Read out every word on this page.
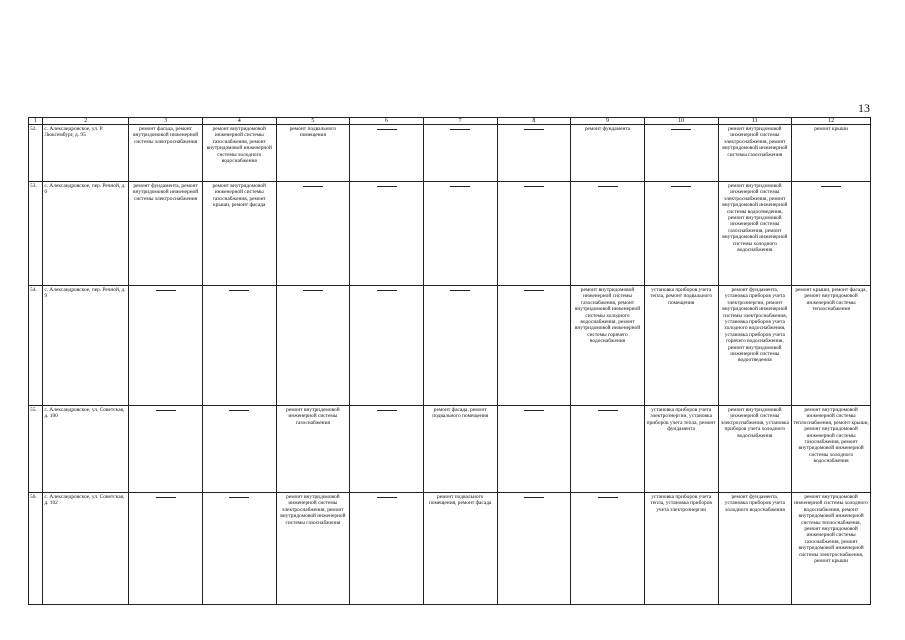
13
1	2	3	4	5	6	7	8	9	10	11	12
52.	с. Александровское, ул. Р. Люксембург, д. 95	ремонт фасада, ремонт внутридомовой инженерной системы электроснабжения	ремонт внутридомовой инженерной системы газоснабжения, ремонт внутридомовой инженерной системы холодного водоснабжения	ремонт подвального помещения				ремонт фундамента		ремонт внутридомовой инженерной системы электроснабжения, ремонт внутридомовой инженерной системы газоснабжения	ремонт крыши
53.	с. Александровское, пер. Речной, д. 6	ремонт фундамента, ремонт внутридомовой инженерной системы электроснабжения	ремонт внутридомовой инженерной системы газоснабжения, ремонт крыши, ремонт фасада							ремонт внутридомовой инженерной системы электроснабжения, ремонт внутридомовой инженерной системы водоотведения, ремонт внутридомовой инженерной системы газоснабжения, ремонт внутридомовой инженерной системы холодного водоснабжения	

54.	с. Александровское, пер. Речной, д. 9							ремонт внутридомовой инженерной системы газоснабжения, ремонт внутридомовой инженерной системы холодного водоснабжения, ремонт внутридомовой инженерной системы горячего водоснабжения	установка приборов учета тепла, ремонт подвального помещения	ремонт фундамента, установка приборов учета электроэнергии, ремонт внутридомовой инженерной системы электроснабжения, установка приборов учета холодного водоснабжения, установка приборов учета горячего водоснабжения, ремонт внутридомовой инженерной системы водоотведения	ремонт крыши, ремонт фасада, ремонт внутридомовой инженерной системы теплоснабжения
55.	с. Александровское, ул. Советская, д. 100			ремонт внутридомовой инженерной системы газоснабжения		ремонт фасада, ремонт подвального помещения			установка приборов учета электроэнергии, установка приборов учета тепла, ремонт фундамента	ремонт внутридомовой инженерной системы электроснабжения, установка приборов учета холодного водоснабжения	ремонт внутридомовой инженерной системы теплоснабжения, ремонт крыши, ремонт внутридомовой инженерной системы газоснабжения, ремонт внутридомовой инженерной системы холодного водоснабжения
56.	с. Александровское, ул. Советская, д. 102			ремонт внутридомовой инженерной системы электроснабжения, ремонт внутридомовой инженерной системы газоснабжения		ремонт подвального помещения, ремонт фасада			установка приборов учета тепла, установка приборов учета электроэнергии	ремонт фундамента, установка приборов учета холодного водоснабжения	ремонт внутридомовой инженерной системы холодного водоснабжения, ремонт внутридомовой инженерной системы теплоснабжения, ремонт внутридомовой инженерной системы газоснабжения, ремонт внутридомовой инженерной системы электроснабжения, ремонт крыши
